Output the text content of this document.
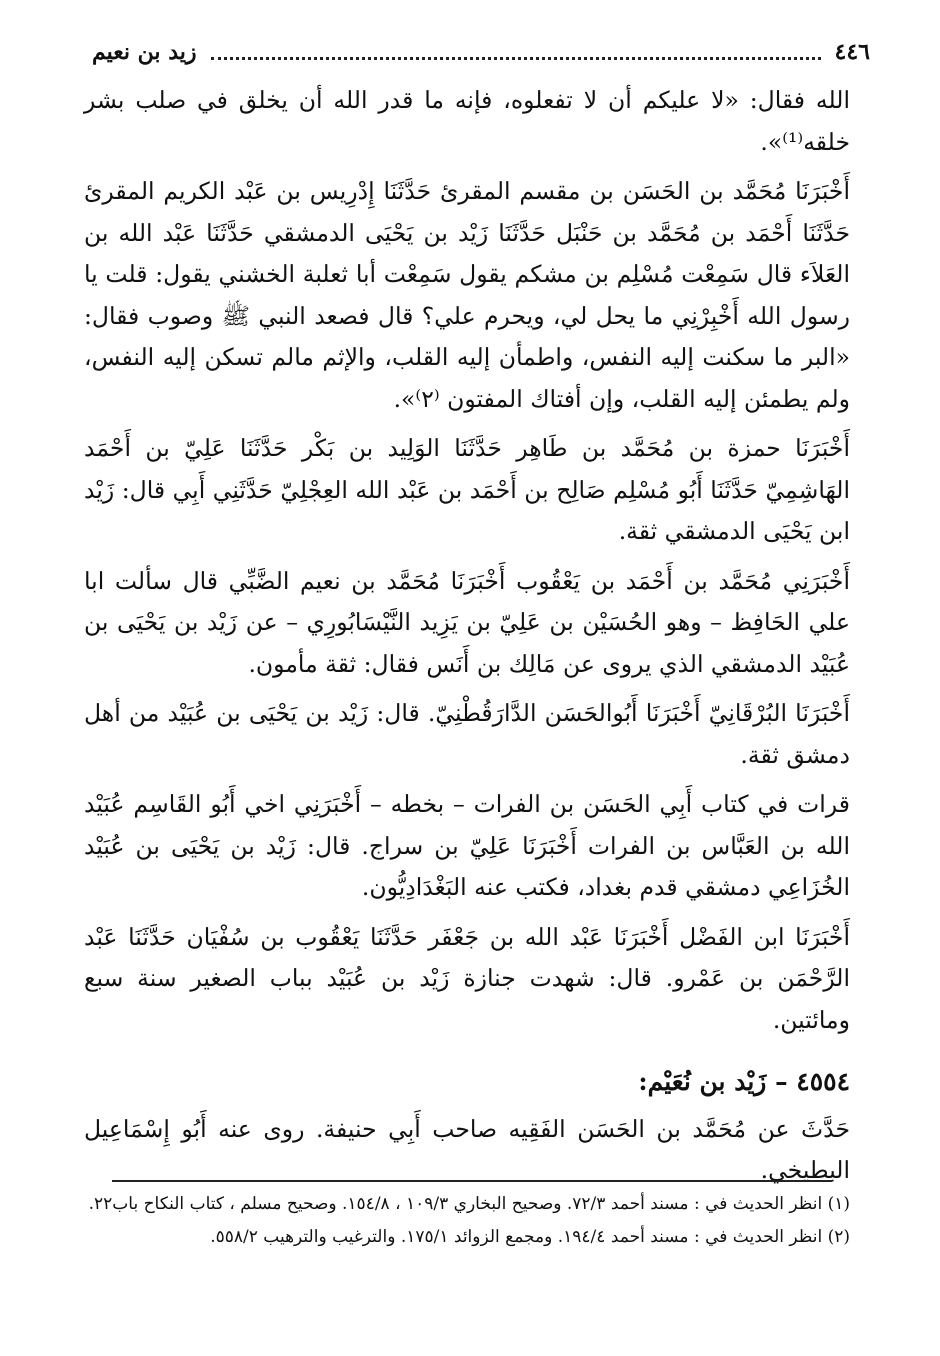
٤٤٦
زيد بن نعيم

الله فقال: «لا عليكم أن لا تفعلوه، فإنه ما قدر الله أن يخلق في صلب بشر خلقه⁽¹⁾».

أَخْبَرَنَا مُحَمَّد بن الحَسَن بن مقسم المقرئ حَدَّثَنَا إِدْرِيس بن عَبْد الكريم المقرئ حَدَّثَنَا أَحْمَد بن مُحَمَّد بن حَنْبَل حَدَّثَنَا زَيْد بن يَحْيَى الدمشقي حَدَّثَنَا عَبْد الله بن العَلاَء قال سَمِعْت مُسْلِم بن مشكم يقول سَمِعْت أبا ثعلبة الخشني يقول: قلت يا رسول الله أَخْبِرْنِي ما يحل لي، ويحرم علي؟ قال فصعد النبي ﷺ وصوب فقال: «البر ما سكنت إليه النفس، واطمأن إليه القلب، والإثم مالم تسكن إليه النفس، ولم يطمئن إليه القلب، وإن أفتاك المفتون ⁽٢⁾».

أَخْبَرَنَا حمزة بن مُحَمَّد بن طَاهِر حَدَّثَنَا الوَلِيد بن بَكْر حَدَّثَنَا عَلِيّ بن أَحْمَد الهَاشِمِيّ حَدَّثَنَا أَبُو مُسْلِم صَالِح بن أَحْمَد بن عَبْد الله العِجْلِيّ حَدَّثَنِي أَبِي قال: زَيْد ابن يَحْيَى الدمشقي ثقة.

أَخْبَرَنِي مُحَمَّد بن أَحْمَد بن يَعْقُوب أَخْبَرَنَا مُحَمَّد بن نعيم الضَّبِّي قال سألت ابا علي الحَافِظ – وهو الحُسَيْن بن عَلِيّ بن يَزِيد النَّيْسَابُورِي – عن زَيْد بن يَحْيَى بن عُبَيْد الدمشقي الذي يروى عن مَالِك بن أَنَس فقال: ثقة مأمون.

أَخْبَرَنَا البُرْقَانِيّ أَخْبَرَنَا أَبُوالحَسَن الدَّارَقُطْنِيّ. قال: زَيْد بن يَحْيَى بن عُبَيْد من أهل دمشق ثقة.

قرات في كتاب أَبِي الحَسَن بن الفرات – بخطه – أَخْبَرَنِي اخي أَبُو القَاسِم عُبَيْد الله بن العَبَّاس بن الفرات أَخْبَرَنَا عَلِيّ بن سراج. قال: زَيْد بن يَحْيَى بن عُبَيْد الخُزَاعِي دمشقي قدم بغداد، فكتب عنه البَغْدَادِيُّون.

أَخْبَرَنَا ابن الفَضْل أَخْبَرَنَا عَبْد الله بن جَعْفَر حَدَّثَنَا يَعْقُوب بن سُفْيَان حَدَّثَنَا عَبْد الرَّحْمَن بن عَمْرو. قال: شهدت جنازة زَيْد بن عُبَيْد بباب الصغير سنة سبع ومائتين.

٤٥٥٤ – زَيْد بن نُعَيْم:

حَدَّثَ عن مُحَمَّد بن الحَسَن الفَقِيه صاحب أَبِي حنيفة. روى عنه أَبُو إِسْمَاعِيل البطيخي.

(١) انظر الحديث في : مسند أحمد ٧٢/٣. وصحيح البخاري ١٠٩/٣ ، ١٥٤/٨. وصحيح مسلم ، كتاب النكاح باب٢٢.

(٢) انظر الحديث في : مسند أحمد ١٩٤/٤. ومجمع الزوائد ١٧٥/١. والترغيب والترهيب ٥٥٨/٢.
